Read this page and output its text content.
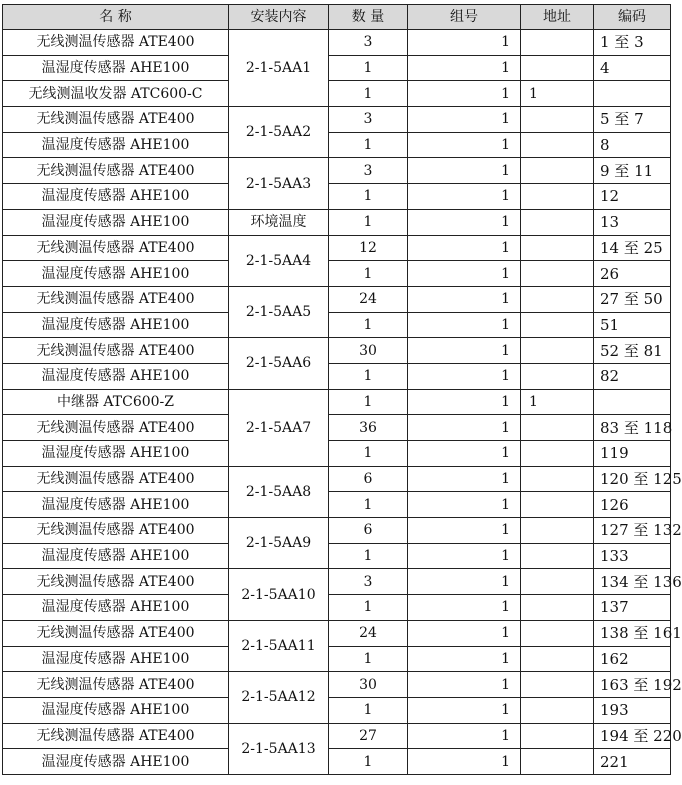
名 称	安装内容	数 量	组号	地址	编码
无线测温传感器 ATE400	2-1-5AA1	3	1		1 至 3
温湿度传感器 AHE100		1	1		4
无线测温收发器 ATC600-C		1	1	1	
无线测温传感器 ATE400	2-1-5AA2	3	1		5 至 7
温湿度传感器 AHE100		1	1		8
无线测温传感器 ATE400	2-1-5AA3	3	1		9 至 11
温湿度传感器 AHE100		1	1		12
温湿度传感器 AHE100	环境温度	1	1		13
无线测温传感器 ATE400	2-1-5AA4	12	1		14 至 25
温湿度传感器 AHE100		1	1		26
无线测温传感器 ATE400	2-1-5AA5	24	1		27 至 50
温湿度传感器 AHE100		1	1		51
无线测温传感器 ATE400	2-1-5AA6	30	1		52 至 81
温湿度传感器 AHE100		1	1		82
中继器 ATC600-Z	2-1-5AA7	1	1	1	
无线测温传感器 ATE400		36	1		83 至 118
温湿度传感器 AHE100		1	1		119
无线测温传感器 ATE400	2-1-5AA8	6	1		120 至 125
温湿度传感器 AHE100		1	1		126
无线测温传感器 ATE400	2-1-5AA9	6	1		127 至 132
温湿度传感器 AHE100		1	1		133
无线测温传感器 ATE400	2-1-5AA10	3	1		134 至 136
温湿度传感器 AHE100		1	1		137
无线测温传感器 ATE400	2-1-5AA11	24	1		138 至 161
温湿度传感器 AHE100		1	1		162
无线测温传感器 ATE400	2-1-5AA12	30	1		163 至 192
温湿度传感器 AHE100		1	1		193
无线测温传感器 ATE400	2-1-5AA13	27	1		194 至 220
温湿度传感器 AHE100		1	1		221
